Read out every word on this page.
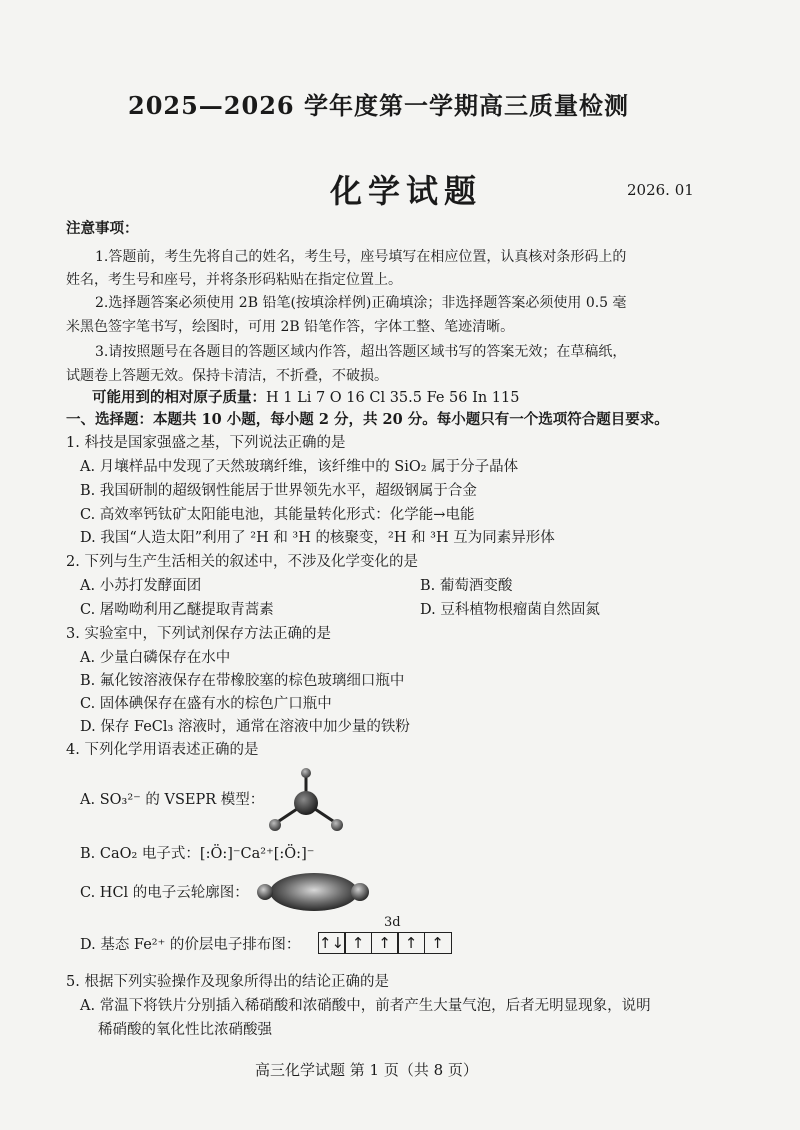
2025—2026 学年度第一学期高三质量检测
化学试题	2026. 01
注意事项：
1.答题前，考生先将自己的姓名，考生号，座号填写在相应位置，认真核对条形码上的
姓名，考生号和座号，并将条形码粘贴在指定位置上。
2.选择题答案必须使用 2B 铅笔(按填涂样例)正确填涂；非选择题答案必须使用 0.5 毫
米黑色签字笔书写，绘图时，可用 2B 铅笔作答，字体工整、笔迹清晰。
3.请按照题号在各题目的答题区域内作答，超出答题区域书写的答案无效；在草稿纸，
试题卷上答题无效。保持卡清洁，不折叠，不破损。
可能用到的相对原子质量：H 1 Li 7 O 16 Cl 35.5 Fe 56 In 115
一、选择题：本题共 10 小题，每小题 2 分，共 20 分。每小题只有一个选项符合题目要求。
1. 科技是国家强盛之基，下列说法正确的是
A. 月壤样品中发现了天然玻璃纤维，该纤维中的 SiO₂ 属于分子晶体
B. 我国研制的超级钢性能居于世界领先水平，超级钢属于合金
C. 高效率钙钛矿太阳能电池，其能量转化形式：化学能→电能
D. 我国“人造太阳”利用了 ²H 和 ³H 的核聚变，²H 和 ³H 互为同素异形体
2. 下列与生产生活相关的叙述中，不涉及化学变化的是
A. 小苏打发酵面团	B. 葡萄酒变酸
C. 屠呦呦利用乙醚提取青蒿素	D. 豆科植物根瘤菌自然固氮
3. 实验室中，下列试剂保存方法正确的是
A. 少量白磷保存在水中
B. 氟化铵溶液保存在带橡胶塞的棕色玻璃细口瓶中
C. 固体碘保存在盛有水的棕色广口瓶中
D. 保存 FeCl₃ 溶液时，通常在溶液中加少量的铁粉
4. 下列化学用语表述正确的是
A. SO₃²⁻ 的 VSEPR 模型：
B. CaO₂ 电子式：[:Ö:]⁻Ca²⁺[:Ö:]⁻
C. HCl 的电子云轮廓图：
D. 基态 Fe²⁺ 的价层电子排布图：
3d
↑↓ ↑ ↑ ↑ ↑
5. 根据下列实验操作及现象所得出的结论正确的是
A. 常温下将铁片分别插入稀硝酸和浓硝酸中，前者产生大量气泡，后者无明显现象，说明
稀硝酸的氧化性比浓硝酸强
高三化学试题 第 1 页（共 8 页）
